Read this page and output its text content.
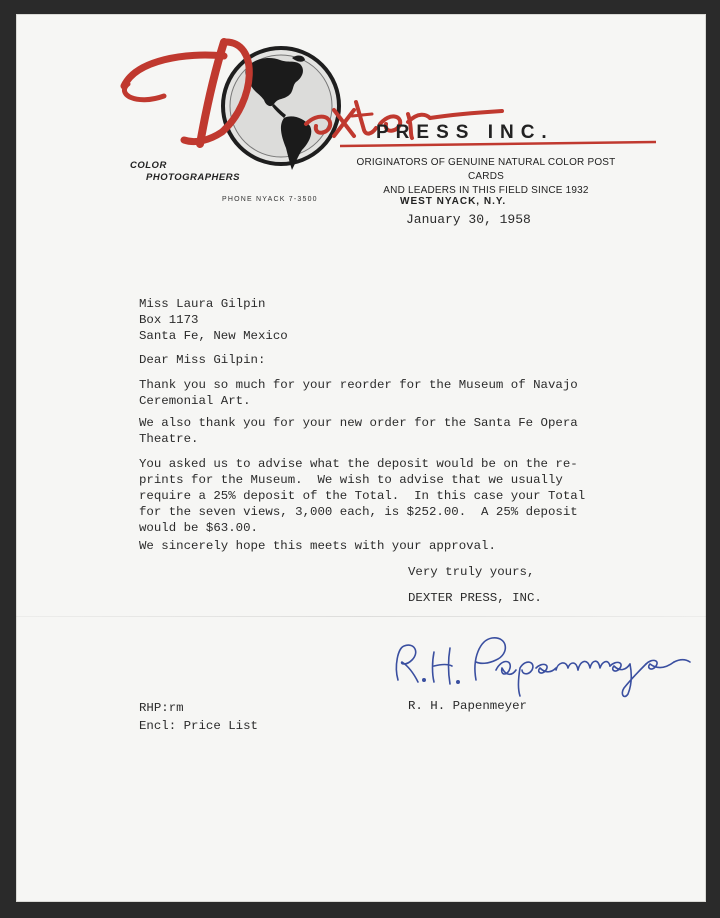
PRESS INC.
ORIGINATORS OF GENUINE NATURAL COLOR POST CARDS
AND LEADERS IN THIS FIELD SINCE 1932
COLOR
PHOTOGRAPHERS
PHONE NYACK 7-3500	WEST NYACK, N.Y.
January 30, 1958
Miss Laura Gilpin
Box 1173
Santa Fe, New Mexico
Dear Miss Gilpin:
Thank you so much for your reorder for the Museum of Navajo
Ceremonial Art.
We also thank you for your new order for the Santa Fe Opera
Theatre.
You asked us to advise what the deposit would be on the re-
prints for the Museum.  We wish to advise that we usually
require a 25% deposit of the Total.  In this case your Total
for the seven views, 3,000 each, is $252.00.  A 25% deposit
would be $63.00.
We sincerely hope this meets with your approval.
Very truly yours,
DEXTER PRESS, INC.
R. H. Papenmeyer
RHP:rm
Encl: Price List
